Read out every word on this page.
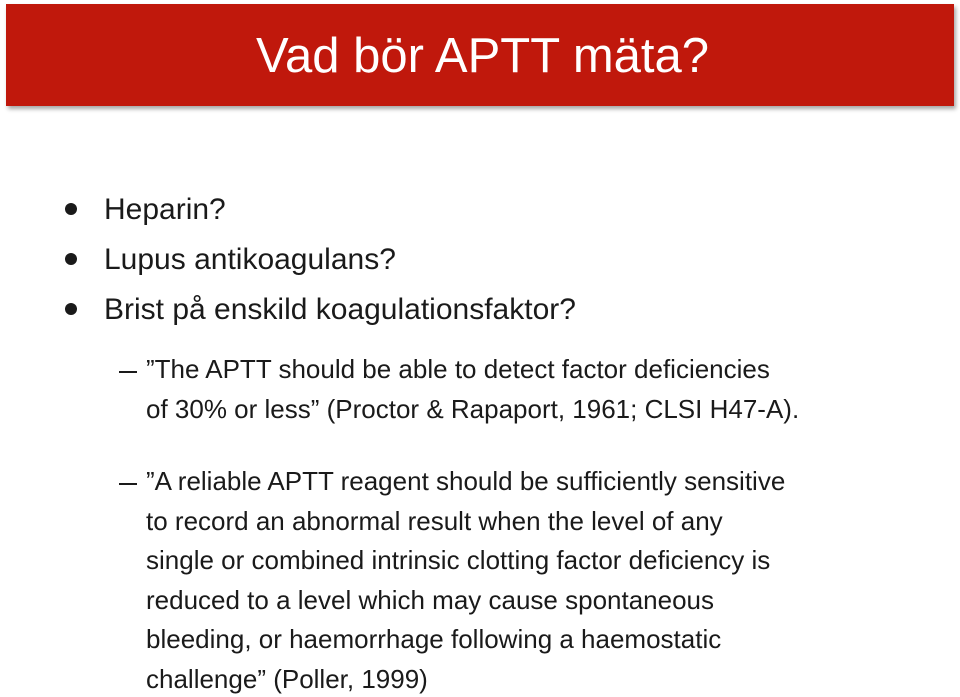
Vad bör APTT mäta?
Heparin?
Lupus antikoagulans?
Brist på enskild koagulationsfaktor?
”The APTT should be able to detect factor deficiencies
of 30% or less” (Proctor & Rapaport, 1961; CLSI H47-A).
”A reliable APTT reagent should be sufficiently sensitive
to record an abnormal result when the level of any
single or combined intrinsic clotting factor deficiency is
reduced to a level which may cause spontaneous
bleeding, or haemorrhage following a haemostatic
challenge” (Poller, 1999)
